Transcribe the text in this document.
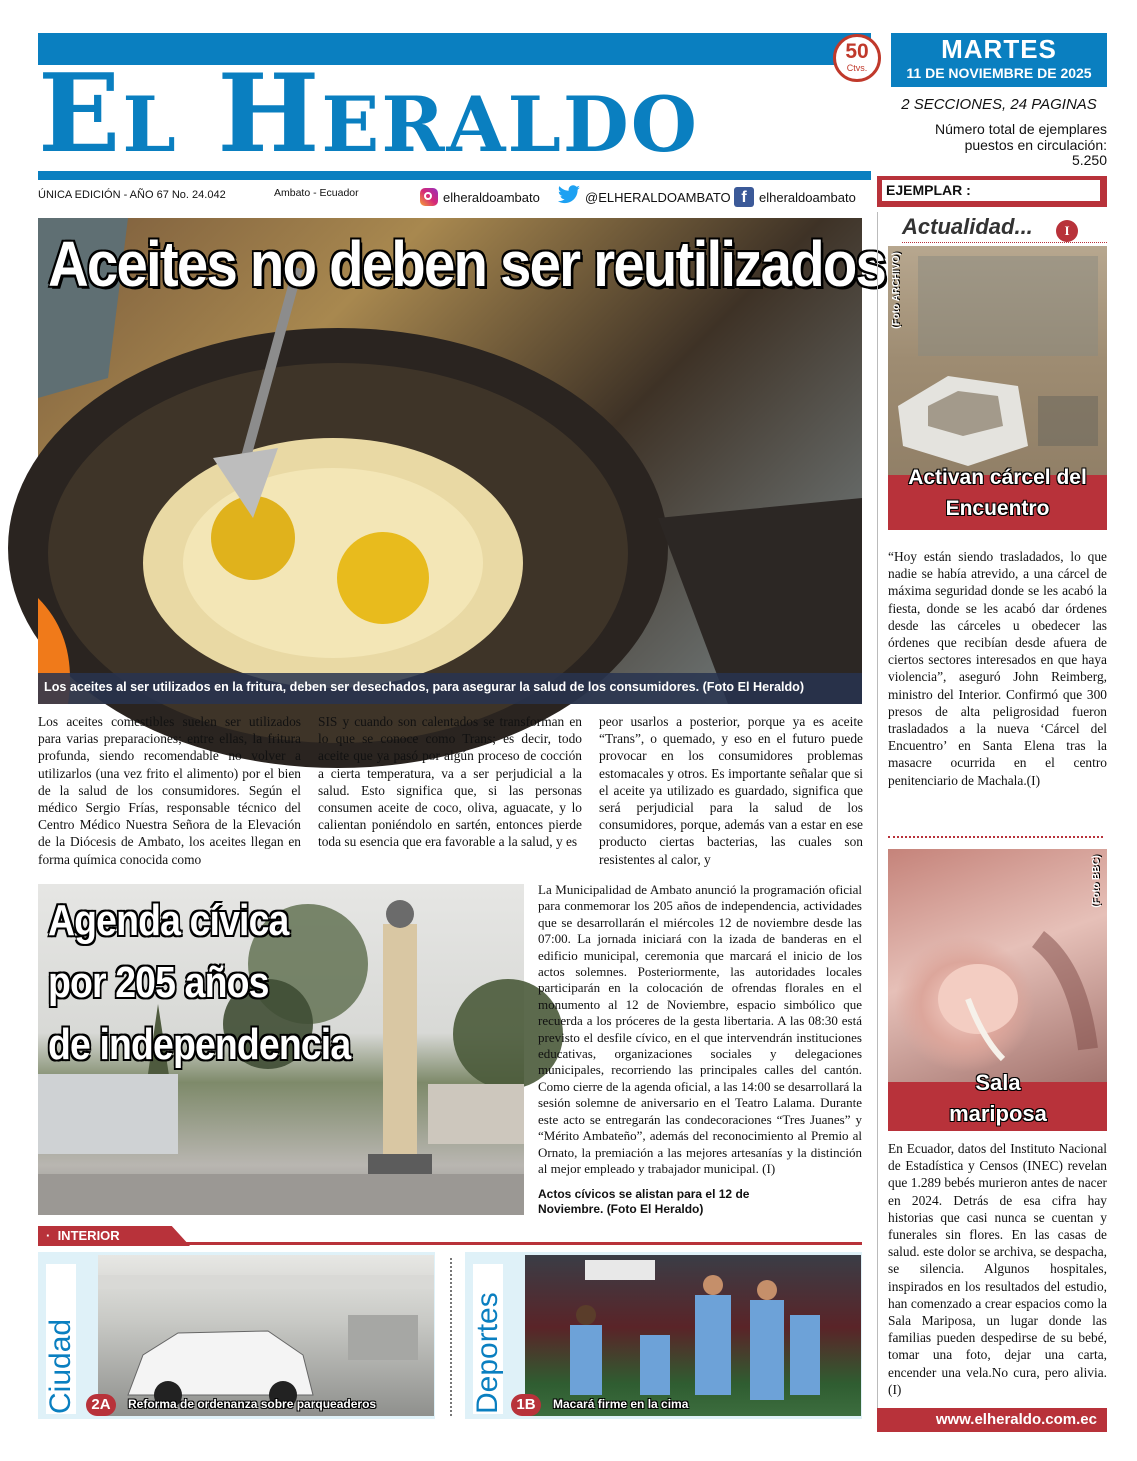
El Heraldo	50
Ctvs.
ÚNICA EDICIÓN - AÑO 67 No. 24.042	Ambato - Ecuador	elheraldoambato	@ELHERALDOAMBATO f elheraldoambato
MARTES
11 DE NOVIEMBRE DE 2025
2 SECCIONES, 24 PAGINAS
Número total de ejemplares puestos en circulación:
5.250
EJEMPLAR :
Aceites no deben ser reutilizados
Los aceites al ser utilizados en la fritura, deben ser desechados, para asegurar la salud de los consumidores. (Foto El Heraldo)
Los aceites comestibles suelen ser utilizados para varias preparaciones; entre ellas, la fritura profunda, siendo recomendable no volver a utilizarlos (una vez frito el alimento) por el bien de la salud de los consumidores. Según el médico Sergio Frías, responsable técnico del Centro Médico Nuestra Señora de la Elevación de la Diócesis de Ambato, los aceites llegan en forma química conocida como
SIS y cuando son calentados se transforman en lo que se conoce como Trans; es decir, todo aceite que ya pasó por algún proceso de cocción a cierta temperatura, va a ser perjudicial a la salud. Esto significa que, si las personas consumen aceite de coco, oliva, aguacate, y lo calientan poniéndolo en sartén, entonces pierde toda su esencia que era favorable a la salud, y es
peor usarlos a posterior, porque ya es aceite “Trans”, o quemado, y eso en el futuro puede provocar en los consumidores problemas estomacales y otros. Es importante señalar que si el aceite ya utilizado es guardado, significa que será perjudicial para la salud de los consumidores, porque, además van a estar en ese producto ciertas bacterias, las cuales son resistentes al calor, y
Agenda cívica
por 205 años
de independencia
La Municipalidad de Ambato anunció la programación oficial para conmemorar los 205 años de independencia, actividades que se desarrollarán el miércoles 12 de noviembre desde las 07:00. La jornada iniciará con la izada de banderas en el edificio municipal, ceremonia que marcará el inicio de los actos solemnes. Posteriormente, las autoridades locales participarán en la colocación de ofrendas florales en el monumento al 12 de Noviembre, espacio simbólico que recuerda a los próceres de la gesta libertaria. A las 08:30 está previsto el desfile cívico, en el que intervendrán instituciones educativas, organizaciones sociales y delegaciones municipales, recorriendo las principales calles del cantón. Como cierre de la agenda oficial, a las 14:00 se desarrollará la sesión solemne de aniversario en el Teatro Lalama. Durante este acto se entregarán las condecoraciones “Tres Juanes” y “Mérito Ambateño”, además del reconocimiento al Premio al Ornato, la premiación a las mejores artesanías y la distinción al mejor empleado y trabajador municipal. (I)
Actos cívicos se alistan para el 12 de Noviembre. (Foto El Heraldo)
·  INTERIOR
Ciudad 2A	Reforma de ordenanza sobre parqueaderos	Deportes 1B	Macará firme en la cima
Actualidad...	I
(Foto ARCHIVO)
Activan cárcel del Encuentro
“Hoy están siendo trasladados, lo que nadie se había atrevido, a una cárcel de máxima seguridad donde se les acabó la fiesta, donde se les acabó dar órdenes desde las cárceles u obedecer las órdenes que recibían desde afuera de ciertos sectores interesados en que haya violencia”, aseguró John Reimberg, ministro del Interior. Confirmó que 300 presos de alta peligrosidad fueron trasladados a la nueva ‘Cárcel del Encuentro’ en Santa Elena tras la masacre ocurrida en el centro penitenciario de Machala.(I)
(Foto BBC)
Sala mariposa
En Ecuador, datos del Instituto Nacional de Estadística y Censos (INEC) revelan que 1.289 bebés murieron antes de nacer en 2024. Detrás de esa cifra hay historias que casi nunca se cuentan y funerales sin flores. En las casas de salud. este dolor se archiva, se despacha, se silencia. Algunos hospitales, inspirados en los resultados del estudio, han comenzado a crear espacios como la Sala Mariposa, un lugar donde las familias pueden despedirse de su bebé, tomar una foto, dejar una carta, encender una vela.No cura, pero alivia. (I)
www.elheraldo.com.ec
